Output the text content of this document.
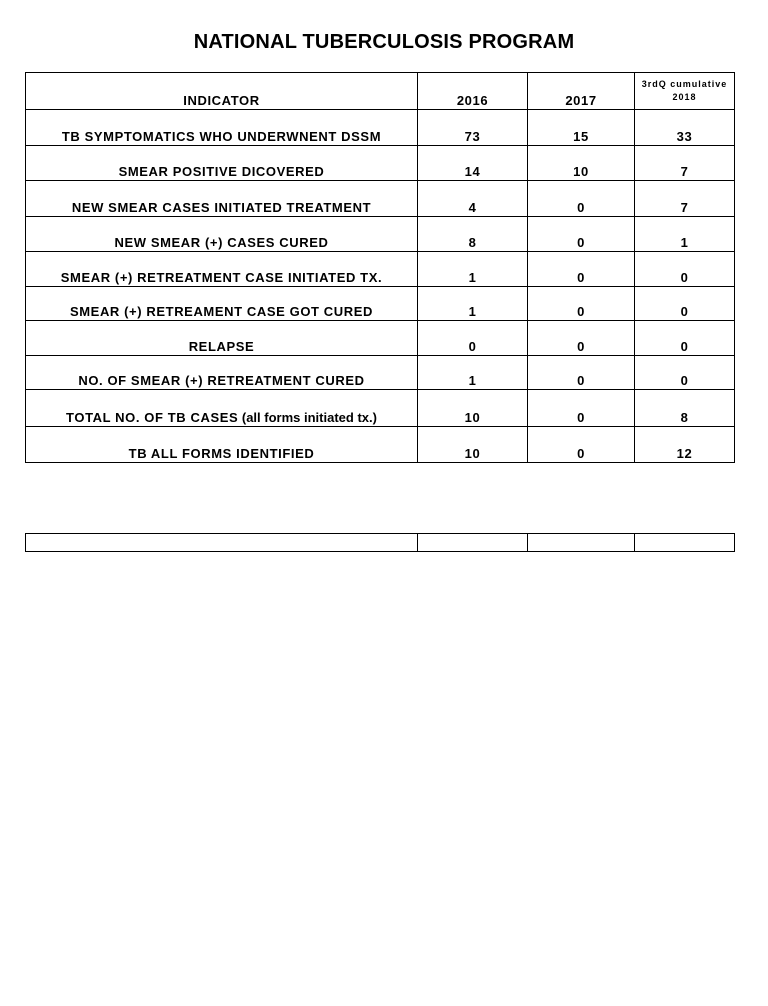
NATIONAL TUBERCULOSIS PROGRAM
INDICATOR	2016	2017	3rdQ cumulative
2018
TB SYMPTOMATICS WHO UNDERWNENT DSSM	73	15	33
SMEAR POSITIVE DICOVERED	14	10	7
NEW SMEAR CASES INITIATED TREATMENT	4	0	7
NEW SMEAR (+) CASES CURED	8	0	1
SMEAR (+) RETREATMENT CASE INITIATED TX.	1	0	0
SMEAR (+) RETREAMENT CASE GOT CURED	1	0	0
RELAPSE	0	0	0
NO. OF SMEAR (+) RETREATMENT CURED	1	0	0
TOTAL NO. OF TB CASES (all forms initiated tx.)	10	0	8
TB ALL FORMS IDENTIFIED	10	0	12
